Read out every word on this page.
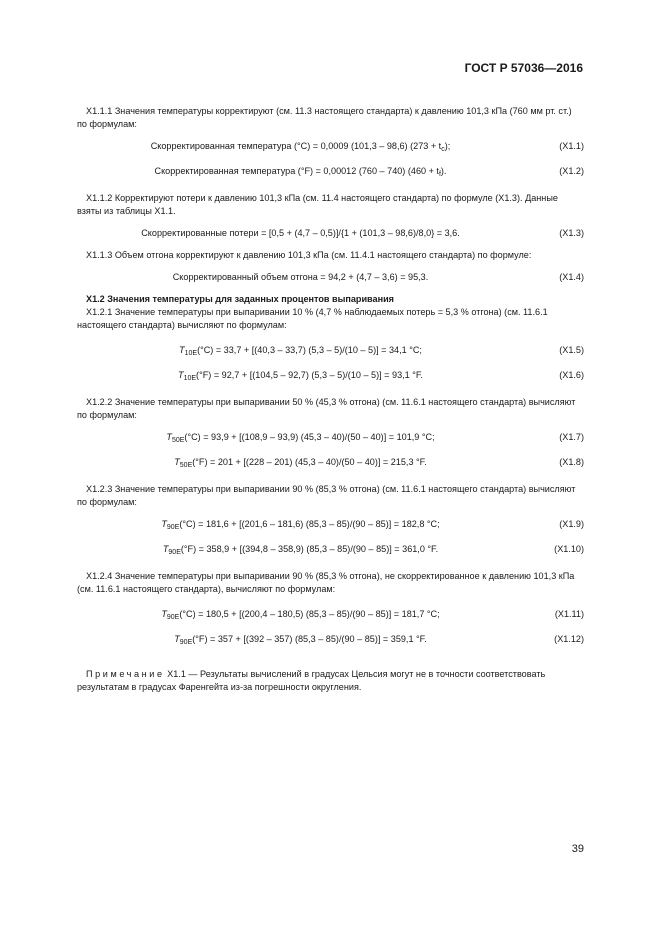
ГОСТ Р 57036—2016

X1.1.1 Значения температуры корректируют (см. 11.3 настоящего стандарта) к давлению 101,3 кПа (760 мм рт. ст.) по формулам:

Скорректированная температура (°С) = 0,0009 (101,3 – 98,6) $(273 + t_c)$;	(X1.1)
Скорректированная температура (°F) = 0,00012 (760 – 740) $(460 + t_f)$.	(X1.2)

X1.1.2 Корректируют потери к давлению 101,3 кПа (см. 11.4 настоящего стандарта) по формуле (X1.3). Данные взяты из таблицы X1.1.

Скорректированные потери = [0,5 + (4,7 – 0,5)]/{1 + (101,3 – 98,6)/8,0} = 3,6.	(X1.3)

X1.1.3 Объем отгона корректируют к давлению 101,3 кПа (см. 11.4.1 настоящего стандарта) по формуле:

Скорректированный объем отгона = 94,2 + (4,7 – 3,6) = 95,3.	(X1.4)

X1.2 Значения температуры для заданных процентов выпаривания

X1.2.1 Значение температуры при выпаривании 10 % (4,7 % наблюдаемых потерь = 5,3 % отгона) (см. 11.6.1 настоящего стандарта) вычисляют по формулам:

$T_{10E}(^\circ С) = 33,7 + [(40,3 - 33,7)$ (5,3 – 5)/(10 – 5)] = 34,1 °С;	(X1.5)
$T_{10E}(^\circ F) = 92,7 + [(104,5 - 92,7)$ (5,3 – 5)/(10 – 5)] = 93,1 °F.	(X1.6)

X1.2.2 Значение температуры при выпаривании 50 % (45,3 % отгона) (см. 11.6.1 настоящего стандарта) вычисляют по формулам:

$T_{50E}(^\circ С) = 93,9 + [(108,9 - 93,9)$ (45,3 – 40)/(50 – 40)] = 101,9 °С;	(X1.7)
$T_{50E}(^\circ F) = 201 + [(228 - 201)$ (45,3 – 40)/(50 – 40)] = 215,3 °F.	(X1.8)

X1.2.3 Значение температуры при выпаривании 90 % (85,3 % отгона) (см. 11.6.1 настоящего стандарта) вычисляют по формулам:

$T_{90E}(^\circ С) = 181,6 + [(201,6 - 181,6)$ (85,3 – 85)/(90 – 85)] = 182,8 °С;	(X1.9)
$T_{90E}(^\circ F) = 358,9 + [(394,8 - 358,9)$ (85,3 – 85)/(90 – 85)] = 361,0 °F.	(X1.10)

X1.2.4 Значение температуры при выпаривании 90 % (85,3 % отгона), не скорректированное к давлению 101,3 кПа (см. 11.6.1 настоящего стандарта), вычисляют по формулам:

$T_{90E}(^\circ С) = 180,5 + [(200,4 - 180,5)$ (85,3 – 85)/(90 – 85)] = 181,7 °С;	(X1.11)
$T_{90E}(^\circ F) = 357 + [(392 - 357)$ (85,3 – 85)/(90 – 85)] = 359,1 °F.	(X1.12)

Примечание X1.1 — Результаты вычислений в градусах Цельсия могут не в точности соответствовать результатам в градусах Фаренгейта из-за погрешности округления.

39
